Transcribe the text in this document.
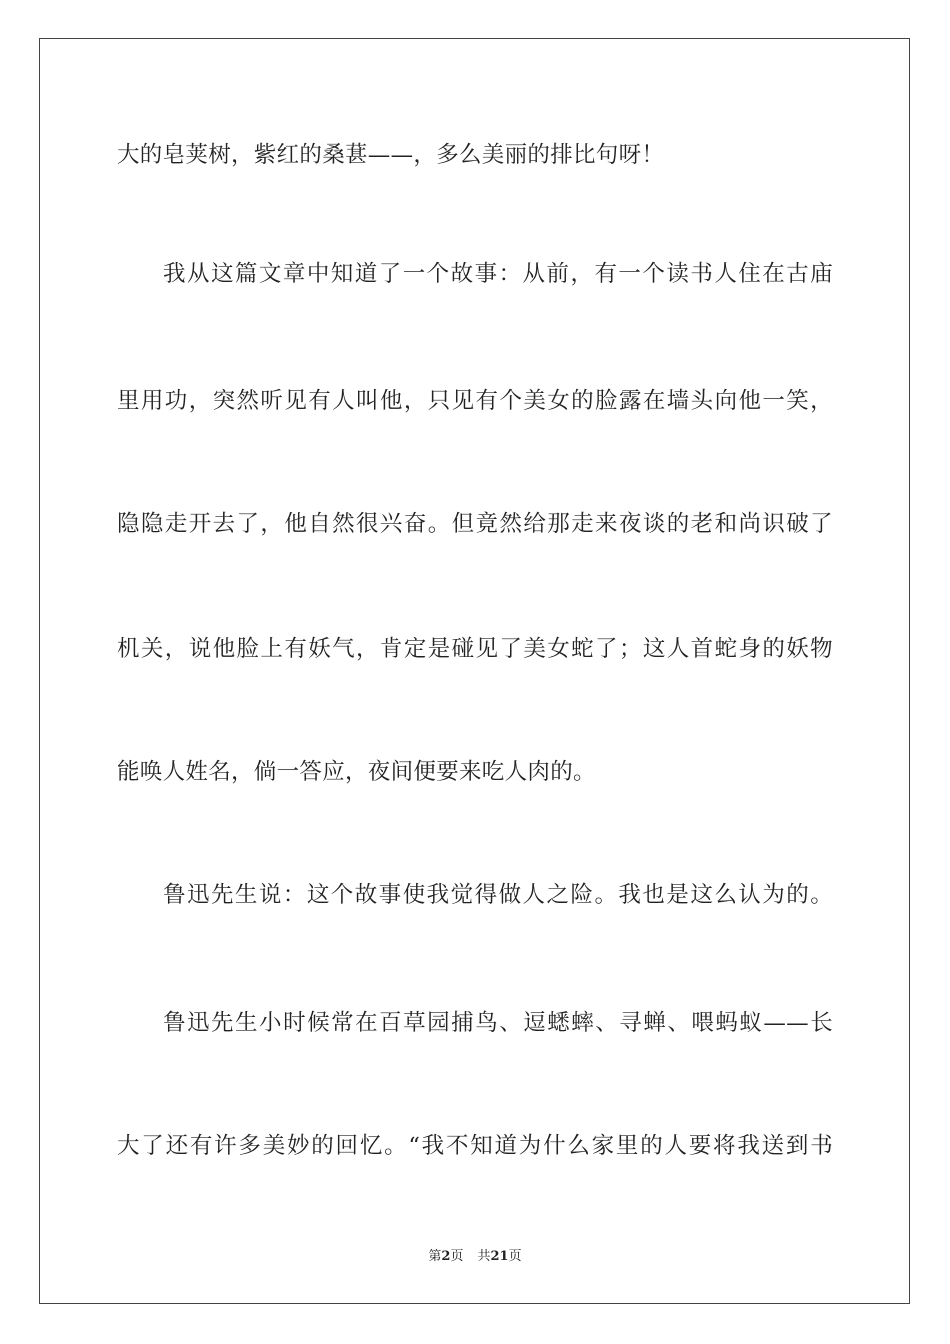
大的皂荚树，紫红的桑葚——，多么美丽的排比句呀！
我从这篇文章中知道了一个故事：从前，有一个读书人住在古庙
里用功，突然听见有人叫他，只见有个美女的脸露在墙头向他一笑，
隐隐走开去了，他自然很兴奋。但竟然给那走来夜谈的老和尚识破了
机关，说他脸上有妖气，肯定是碰见了美女蛇了；这人首蛇身的妖物
能唤人姓名，倘一答应，夜间便要来吃人肉的。
鲁迅先生说：这个故事使我觉得做人之险。我也是这么认为的。
鲁迅先生小时候常在百草园捕鸟、逗蟋蟀、寻蝉、喂蚂蚁——长
大了还有许多美妙的回忆。“我不知道为什么家里的人要将我送到书
第2页 共21页
